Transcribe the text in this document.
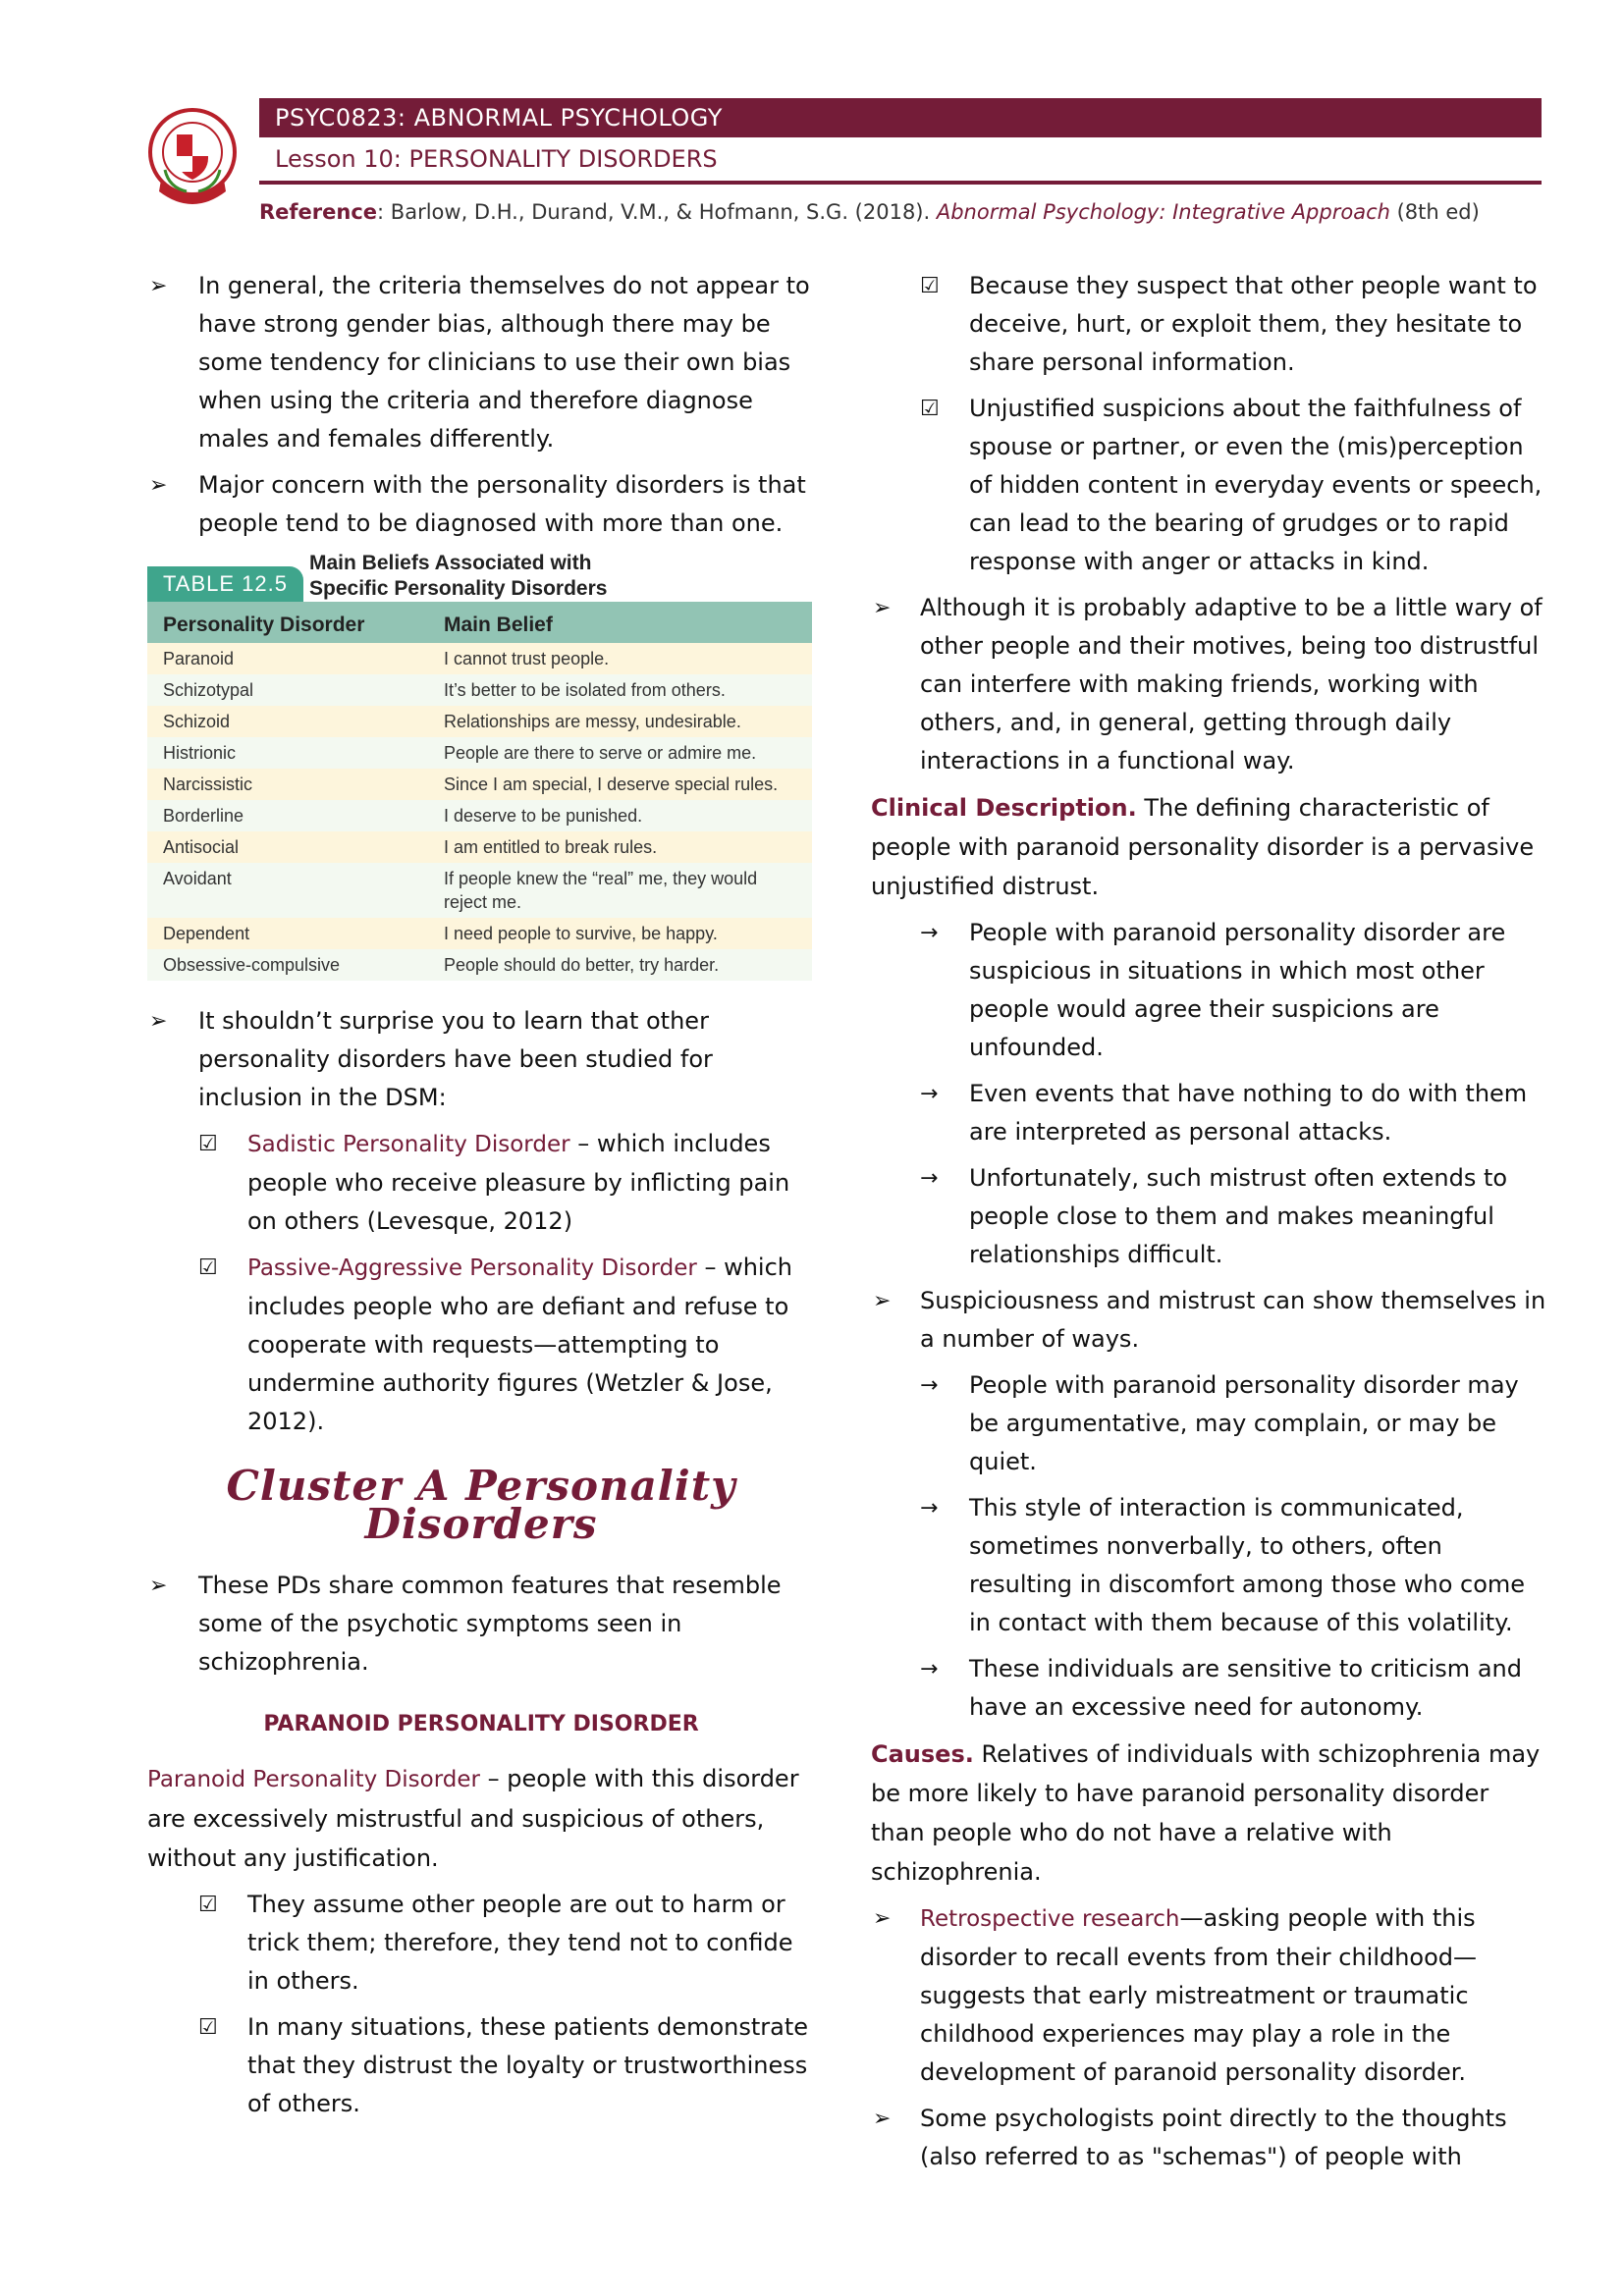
PSYC0823: ABNORMAL PSYCHOLOGY
Lesson 10: PERSONALITY DISORDERS
Reference: Barlow, D.H., Durand, V.M., & Hofmann, S.G. (2018). Abnormal Psychology: Integrative Approach (8th ed)
➢ In general, the criteria themselves do not appear to have strong gender bias, although there may be some tendency for clinicians to use their own bias when using the criteria and therefore diagnose males and females differently.
➢ Major concern with the personality disorders is that people tend to be diagnosed with more than one.
TABLE 12.5
Main Beliefs Associated with Specific Personality Disorders
Personality Disorder	Main Belief
Paranoid	I cannot trust people.
Schizotypal	It’s better to be isolated from others.
Schizoid	Relationships are messy, undesirable.
Histrionic	People are there to serve or admire me.
Narcissistic	Since I am special, I deserve special rules.
Borderline	I deserve to be punished.
Antisocial	I am entitled to break rules.
Avoidant	If people knew the “real” me, they would reject me.
Dependent	I need people to survive, be happy.
Obsessive-compulsive	People should do better, try harder.
➢ It shouldn’t surprise you to learn that other personality disorders have been studied for inclusion in the DSM:
☑ Sadistic Personality Disorder – which includes people who receive pleasure by inflicting pain on others (Levesque, 2012)
☑ Passive-Aggressive Personality Disorder – which includes people who are defiant and refuse to cooperate with requests—attempting to undermine authority figures (Wetzler & Jose, 2012).
Cluster A Personality Disorders
➢ These PDs share common features that resemble some of the psychotic symptoms seen in schizophrenia.
PARANOID PERSONALITY DISORDER
Paranoid Personality Disorder – people with this disorder are excessively mistrustful and suspicious of others, without any justification.
☑ They assume other people are out to harm or trick them; therefore, they tend not to confide in others.
☑ In many situations, these patients demonstrate that they distrust the loyalty or trustworthiness of others.
☑ Because they suspect that other people want to deceive, hurt, or exploit them, they hesitate to share personal information.
☑ Unjustified suspicions about the faithfulness of spouse or partner, or even the (mis)perception of hidden content in everyday events or speech, can lead to the bearing of grudges or to rapid response with anger or attacks in kind.
➢ Although it is probably adaptive to be a little wary of other people and their motives, being too distrustful can interfere with making friends, working with others, and, in general, getting through daily interactions in a functional way.
Clinical Description. The defining characteristic of people with paranoid personality disorder is a pervasive unjustified distrust.
→ People with paranoid personality disorder are suspicious in situations in which most other people would agree their suspicions are unfounded.
→ Even events that have nothing to do with them are interpreted as personal attacks.
→ Unfortunately, such mistrust often extends to people close to them and makes meaningful relationships difficult.
➢ Suspiciousness and mistrust can show themselves in a number of ways.
→ People with paranoid personality disorder may be argumentative, may complain, or may be quiet.
→ This style of interaction is communicated, sometimes nonverbally, to others, often resulting in discomfort among those who come in contact with them because of this volatility.
→ These individuals are sensitive to criticism and have an excessive need for autonomy.
Causes. Relatives of individuals with schizophrenia may be more likely to have paranoid personality disorder than people who do not have a relative with schizophrenia.
➢ Retrospective research—asking people with this disorder to recall events from their childhood—suggests that early mistreatment or traumatic childhood experiences may play a role in the development of paranoid personality disorder.
➢ Some psychologists point directly to the thoughts (also referred to as "schemas") of people with
